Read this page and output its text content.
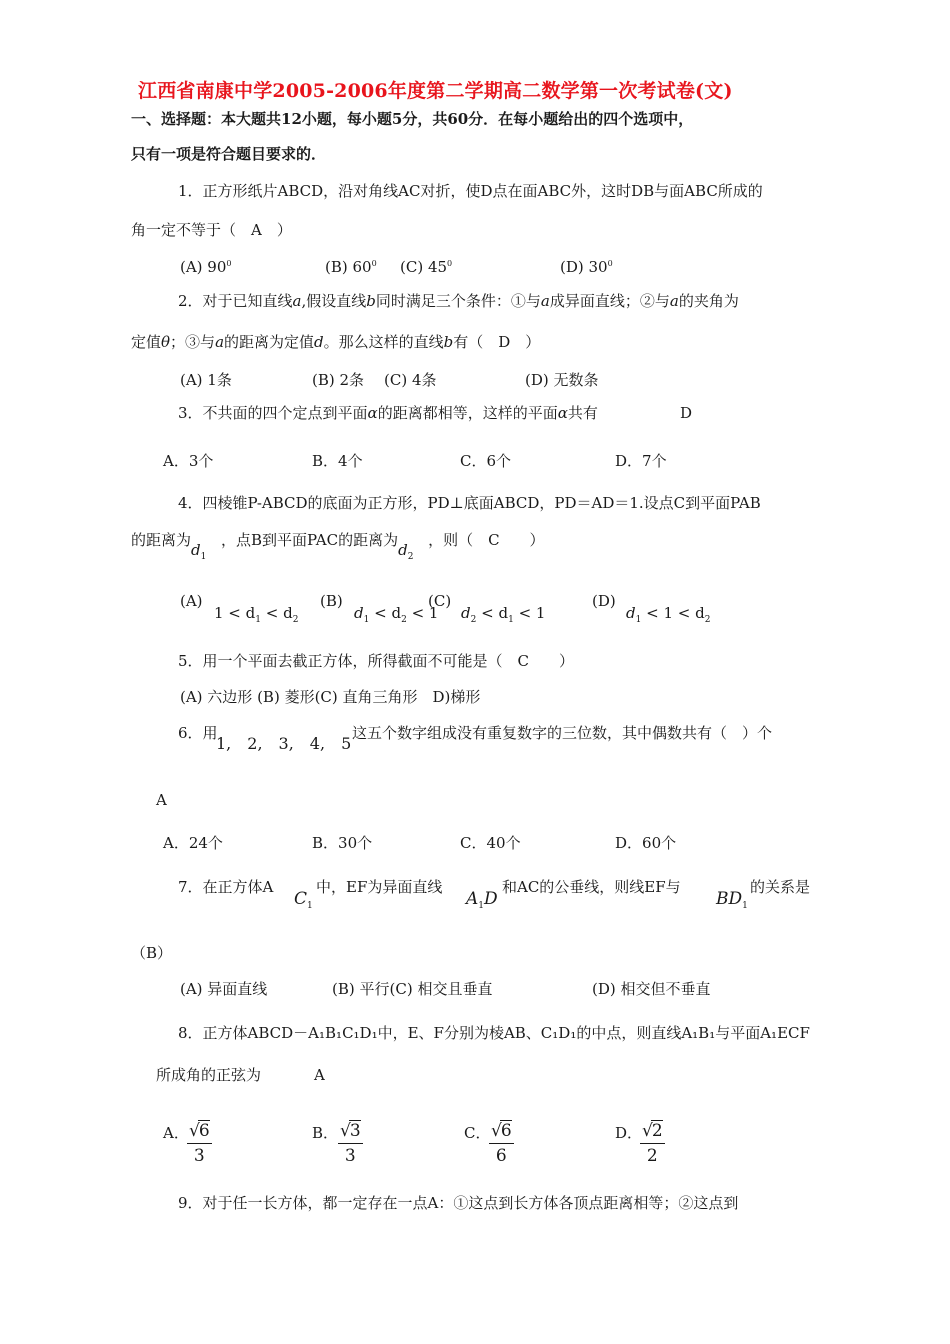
江西省南康中学2005-2006年度第二学期高二数学第一次考试卷(文)
一、选择题：本大题共12小题，每小题5分，共60分．在每小题给出的四个选项中，
只有一项是符合题目要求的．
1．正方形纸片ABCD，沿对角线AC对折，使D点在面ABC外，这时DB与面ABC所成的
角一定不等于（　A　）
(A) $90^0$	(B) $60^0$ (C) $45^0$	(D) $30^0$
2．对于已知直线a,假设直线b同时满足三个条件：①与a成异面直线；②与a的夹角为
定值θ；③与a的距离为定值d。那么这样的直线b有（　D　）
(A) 1条	(B) 2条 (C) 4条	(D) 无数条
3．不共面的四个定点到平面α的距离都相等，这样的平面α共有	D
A．3个	B．4个	C．6个	D．7个
4．四棱锥P-ABCD的底面为正方形，PD⊥底面ABCD，PD＝AD＝1.设点C到平面PAB
的距离为$d_1$，点B到平面PAC的距离为$d_2$，则（　C　　）
(A)
$1 < d_1 < d_2$
(B)
$d_1 < d_2 < 1$
(C)
$d_2 < d_1 < 1$
(D)
$d_1 < 1 < d_2$
5．用一个平面去截正方体，所得截面不可能是（　C　　）
(A) 六边形 (B) 菱形(C) 直角三角形　D)梯形
6．用
1,　2,　3,　4,　5
这五个数字组成没有重复数字的三位数，其中偶数共有（　）个
A
A．24个	B．30个	C．40个	D．60个
7．在正方体A
$C_1$
中，EF为异面直线
$A_1D$
和AC的公垂线，则线EF与
$BD_1$
的关系是
（B）
(A) 异面直线	(B) 平行(C) 相交且垂直	(D) 相交但不垂直
8．正方体ABCD－A₁B₁C₁D₁中，E、F分别为棱AB、C₁D₁的中点，则直线A₁B₁与平面A₁ECF
所成角的正弦为	A
A．
$\frac{√6}{3}$	B． $\frac{√3}{3}$	C．
$\frac{√6}{6}$	D．
$\frac{√2}{2}$
9．对于任一长方体，都一定存在一点A：①这点到长方体各顶点距离相等；②这点到
